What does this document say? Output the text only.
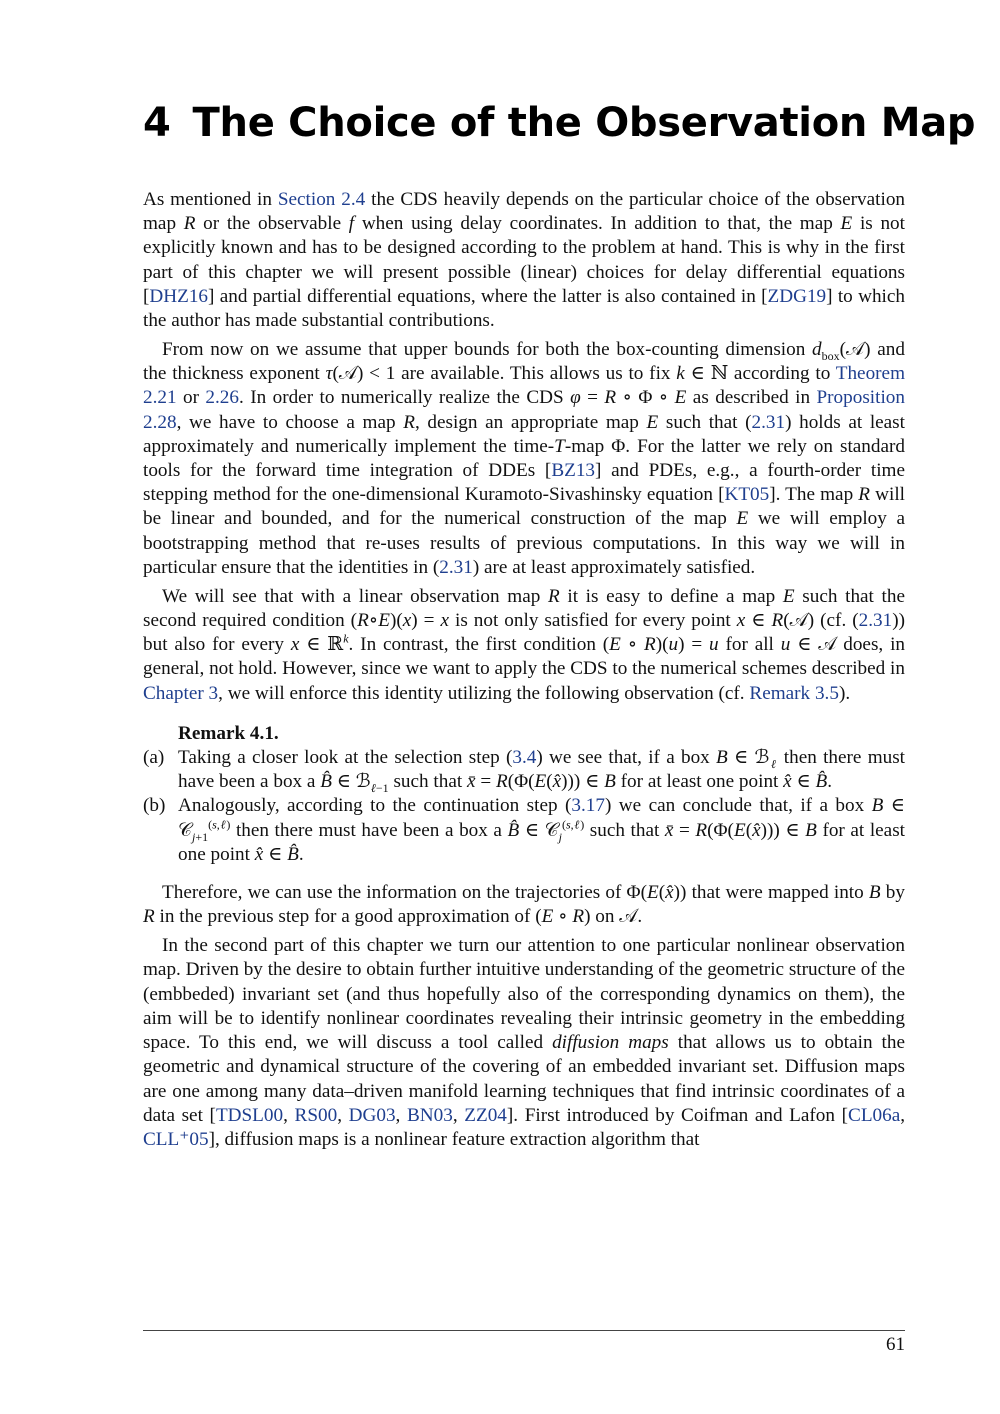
4 The Choice of the Observation Map

As mentioned in Section 2.4 the CDS heavily depends on the particular choice of the observation map R or the observable f when using delay coordinates. In addition to that, the map E is not explicitly known and has to be designed according to the problem at hand. This is why in the first part of this chapter we will present possible (linear) choices for delay differential equations [DHZ16] and partial differential equations, where the latter is also contained in [ZDG19] to which the author has made substantial contributions.

From now on we assume that upper bounds for both the box-counting dimension $d_{box}(𝒜)$ and the thickness exponent τ(𝒜) < 1 are available. This allows us to fix k ∈ ℕ according to Theorem 2.21 or 2.26. In order to numerically realize the CDS φ = R ∘ Φ ∘ E as described in Proposition 2.28, we have to choose a map R, design an appropriate map E such that (2.31) holds at least approximately and numerically implement the time-T-map Φ. For the latter we rely on standard tools for the forward time integration of DDEs [BZ13] and PDEs, e.g., a fourth-order time stepping method for the one-dimensional Kuramoto-Sivashinsky equation [KT05]. The map R will be linear and bounded, and for the numerical construction of the map E we will employ a bootstrapping method that re-uses results of previous computations. In this way we will in particular ensure that the identities in (2.31) are at least approximately satisfied.

We will see that with a linear observation map R it is easy to define a map E such that the second required condition (R∘E)(x) = x is not only satisfied for every point x ∈ R(𝒜) (cf. (2.31)) but also for every x ∈ ℝ$^k$. In contrast, the first condition (E ∘ R)(u) = u for all u ∈ 𝒜 does, in general, not hold. However, since we want to apply the CDS to the numerical schemes described in Chapter 3, we will enforce this identity utilizing the following observation (cf. Remark 3.5).

Remark 4.1.

(a) Taking a closer look at the selection step (3.4) we see that, if a box B ∈ ℬ$_\ell$ then there must have been a box a B̂ ∈ ℬ$_{\ell-1}$ such that x̄ = R(Φ(E(x̂))) ∈ B for at least one point x̂ ∈ B̂.

(b) Analogously, according to the continuation step (3.17) we can conclude that, if a box B ∈ 𝒞$_{j+1}^{(s,\ell)}$ then there must have been a box a B̂ ∈ 𝒞$_j^{(s,\ell)}$ such that x̄ = R(Φ(E(x̂))) ∈ B for at least one point x̂ ∈ B̂.

Therefore, we can use the information on the trajectories of Φ(E(x̂)) that were mapped into B by R in the previous step for a good approximation of (E ∘ R) on 𝒜.

In the second part of this chapter we turn our attention to one particular nonlinear observation map. Driven by the desire to obtain further intuitive understanding of the geometric structure of the (embbeded) invariant set (and thus hopefully also of the corresponding dynamics on them), the aim will be to identify nonlinear coordinates revealing their intrinsic geometry in the embedding space. To this end, we will discuss a tool called diffusion maps that allows us to obtain the geometric and dynamical structure of the covering of an embedded invariant set. Diffusion maps are one among many data–driven manifold learning techniques that find intrinsic coordinates of a data set [TDSL00, RS00, DG03, BN03, ZZ04]. First introduced by Coifman and Lafon [CL06a, CLL⁺05], diffusion maps is a nonlinear feature extraction algorithm that

61
